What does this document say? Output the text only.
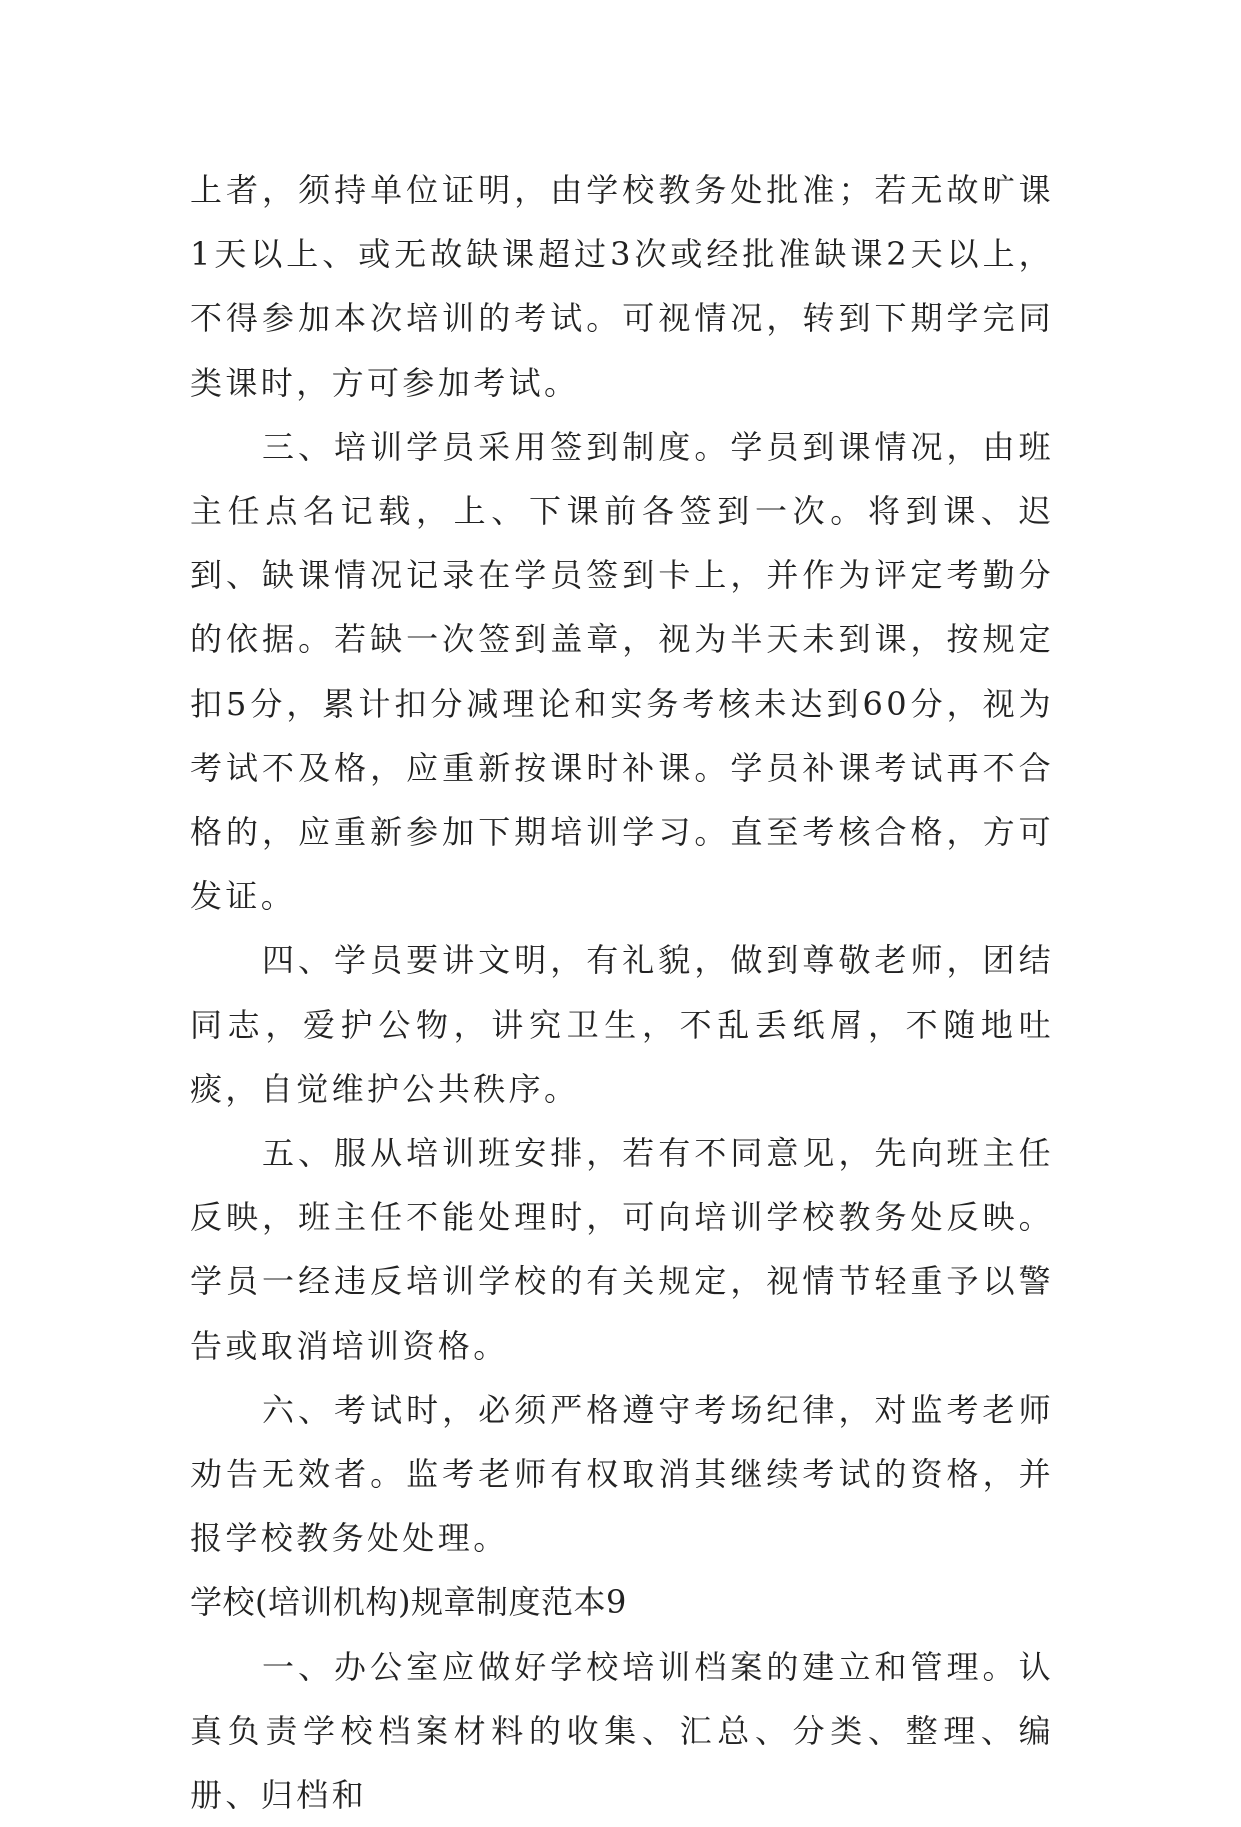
上者，须持单位证明，由学校教务处批准；若无故旷课1天以上、或无故缺课超过3次或经批准缺课2天以上，不得参加本次培训的考试。可视情况，转到下期学完同类课时，方可参加考试。

三、培训学员采用签到制度。学员到课情况，由班主任点名记载，上、下课前各签到一次。将到课、迟到、缺课情况记录在学员签到卡上，并作为评定考勤分的依据。若缺一次签到盖章，视为半天未到课，按规定扣5分，累计扣分减理论和实务考核未达到60分，视为考试不及格，应重新按课时补课。学员补课考试再不合格的，应重新参加下期培训学习。直至考核合格，方可发证。

四、学员要讲文明，有礼貌，做到尊敬老师，团结同志，爱护公物，讲究卫生，不乱丢纸屑，不随地吐痰，自觉维护公共秩序。

五、服从培训班安排，若有不同意见，先向班主任反映，班主任不能处理时，可向培训学校教务处反映。学员一经违反培训学校的有关规定，视情节轻重予以警告或取消培训资格。

六、考试时，必须严格遵守考场纪律，对监考老师劝告无效者。监考老师有权取消其继续考试的资格，并报学校教务处处理。

学校(培训机构)规章制度范本9

一、办公室应做好学校培训档案的建立和管理。认真负责学校档案材料的收集、汇总、分类、整理、编册、归档和
